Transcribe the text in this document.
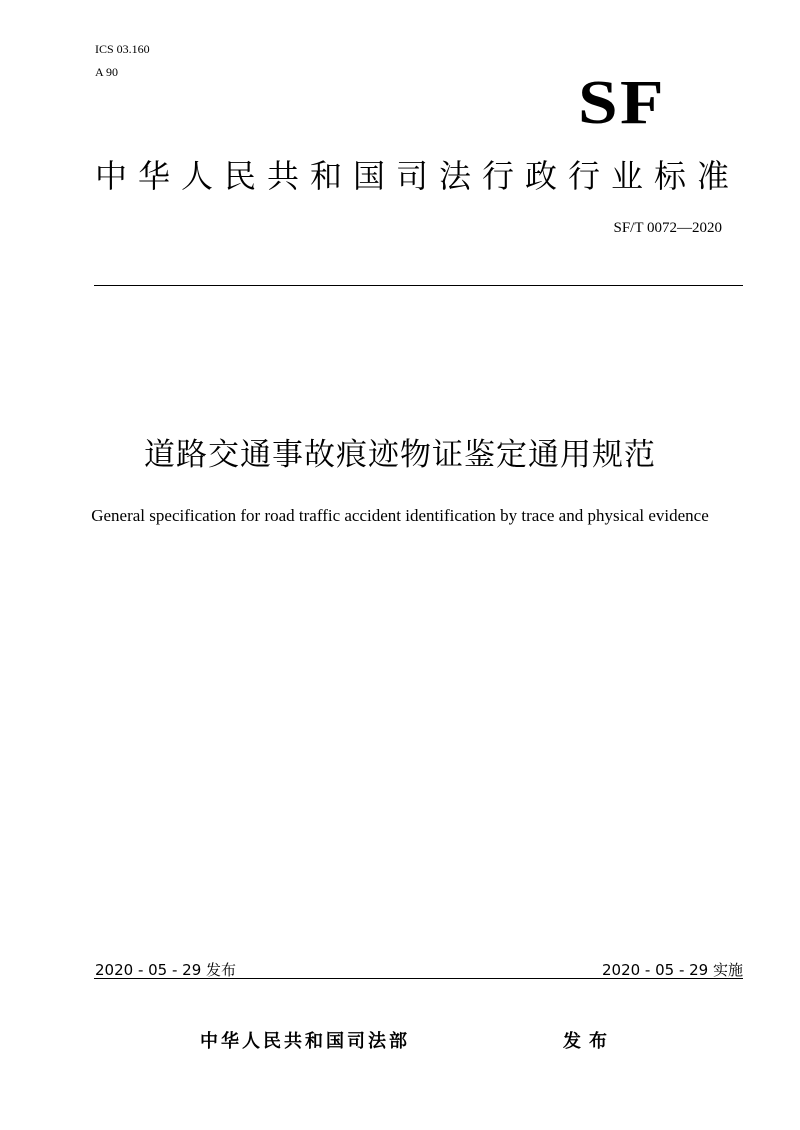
ICS 03.160
A 90	SF
中华人民共和国司法行政行业标准
SF/T 0072—2020
道路交通事故痕迹物证鉴定通用规范
General specification for road traffic accident identification by trace and physical evidence
2020 - 05 - 29 发布	2020 - 05 - 29 实施
中华人民共和国司法部	发布
